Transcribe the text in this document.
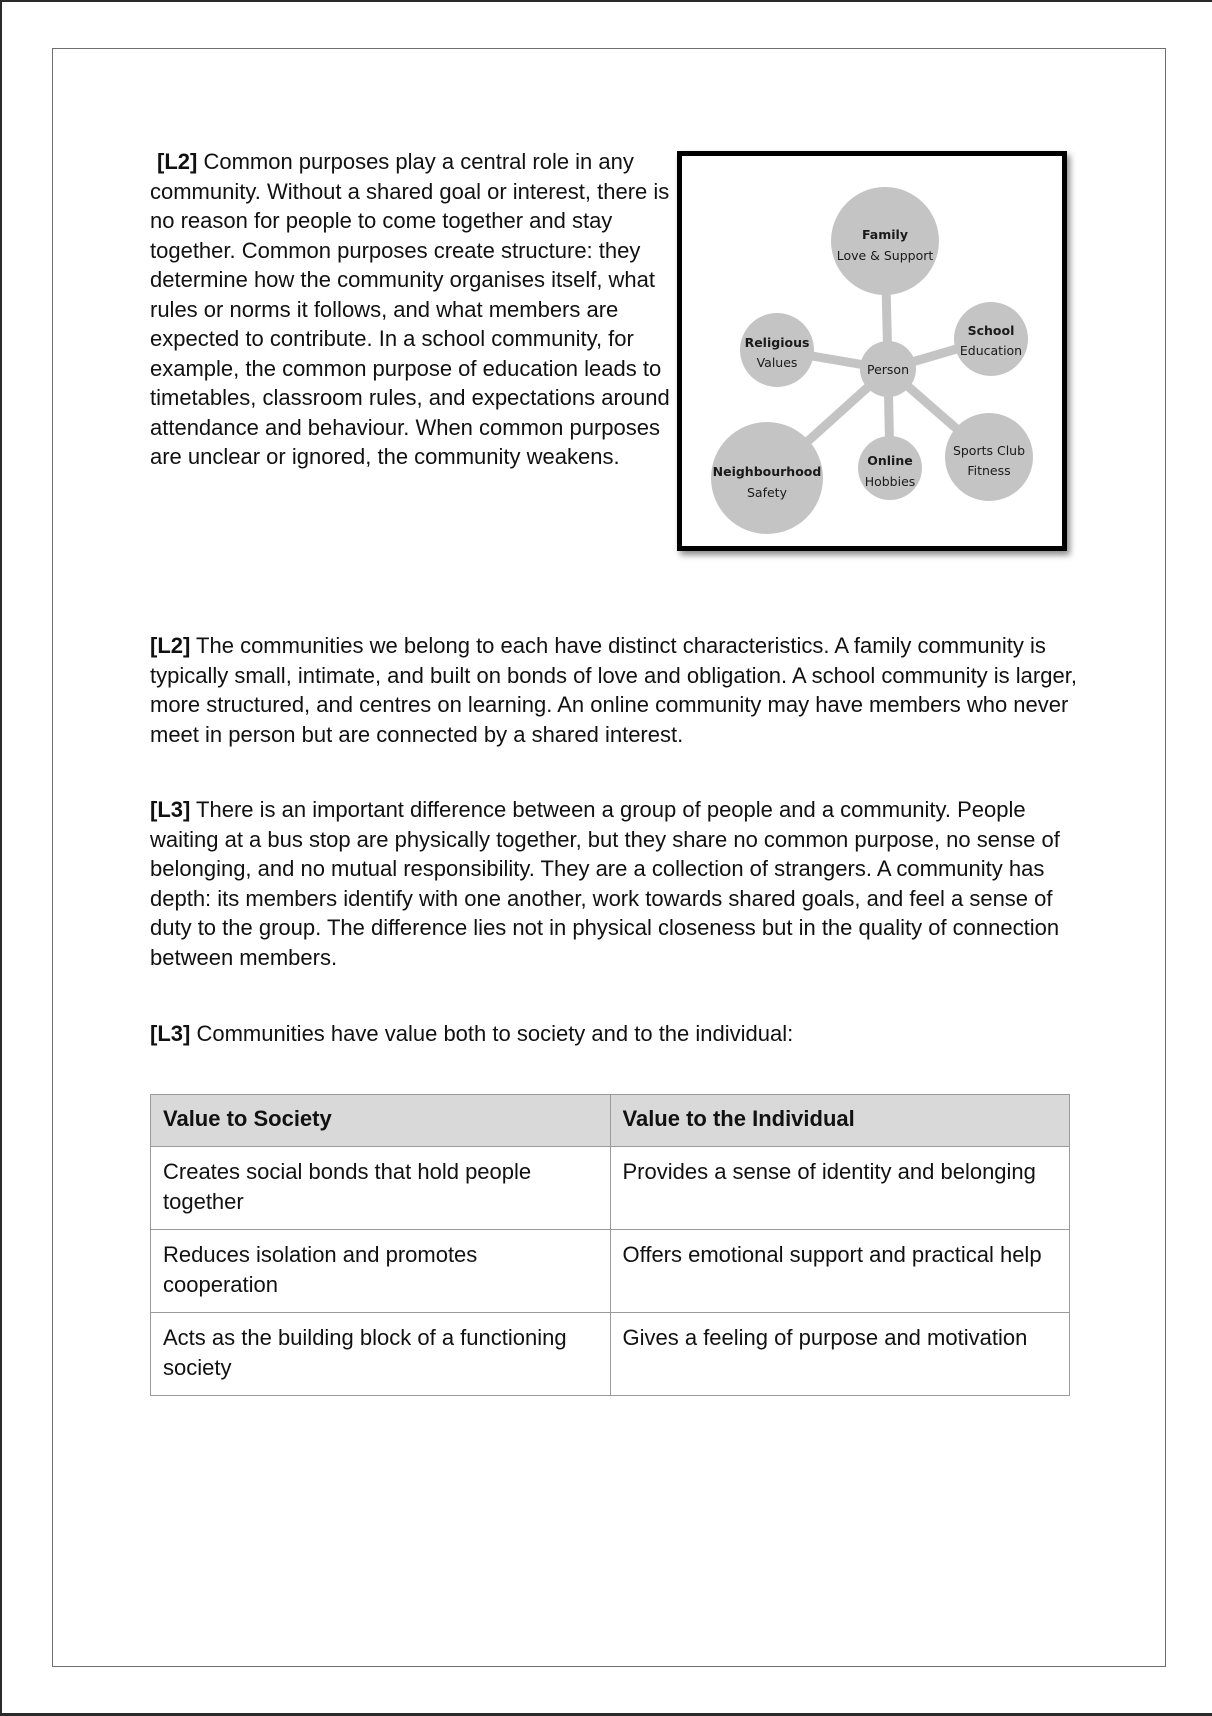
[L2] Common purposes play a central role in any community. Without a shared goal or interest, there is no reason for people to come together and stay together. Common purposes create structure: they determine how the community organises itself, what rules or norms it follows, and what members are expected to contribute. In a school community, for example, the common purpose of education leads to timetables, classroom rules, and expectations around attendance and behaviour. When common purposes are unclear or ignored, the community weakens.

Family
Love & Support
School
Education
Religious
Values
Sports Club
Fitness
Online
Hobbies
Neighbourhood
Safety
Person

[L2] The communities we belong to each have distinct characteristics. A family community is typically small, intimate, and built on bonds of love and obligation. A school community is larger, more structured, and centres on learning. An online community may have members who never meet in person but are connected by a shared interest.

[L3] There is an important difference between a group of people and a community. People waiting at a bus stop are physically together, but they share no common purpose, no sense of belonging, and no mutual responsibility. They are a collection of strangers. A community has depth: its members identify with one another, work towards shared goals, and feel a sense of duty to the group. The difference lies not in physical closeness but in the quality of connection between members.

[L3] Communities have value both to society and to the individual:

Value to Society	Value to the Individual
Creates social bonds that hold people together	Provides a sense of identity and belonging
Reduces isolation and promotes cooperation	Offers emotional support and practical help
Acts as the building block of a functioning society	Gives a feeling of purpose and motivation
